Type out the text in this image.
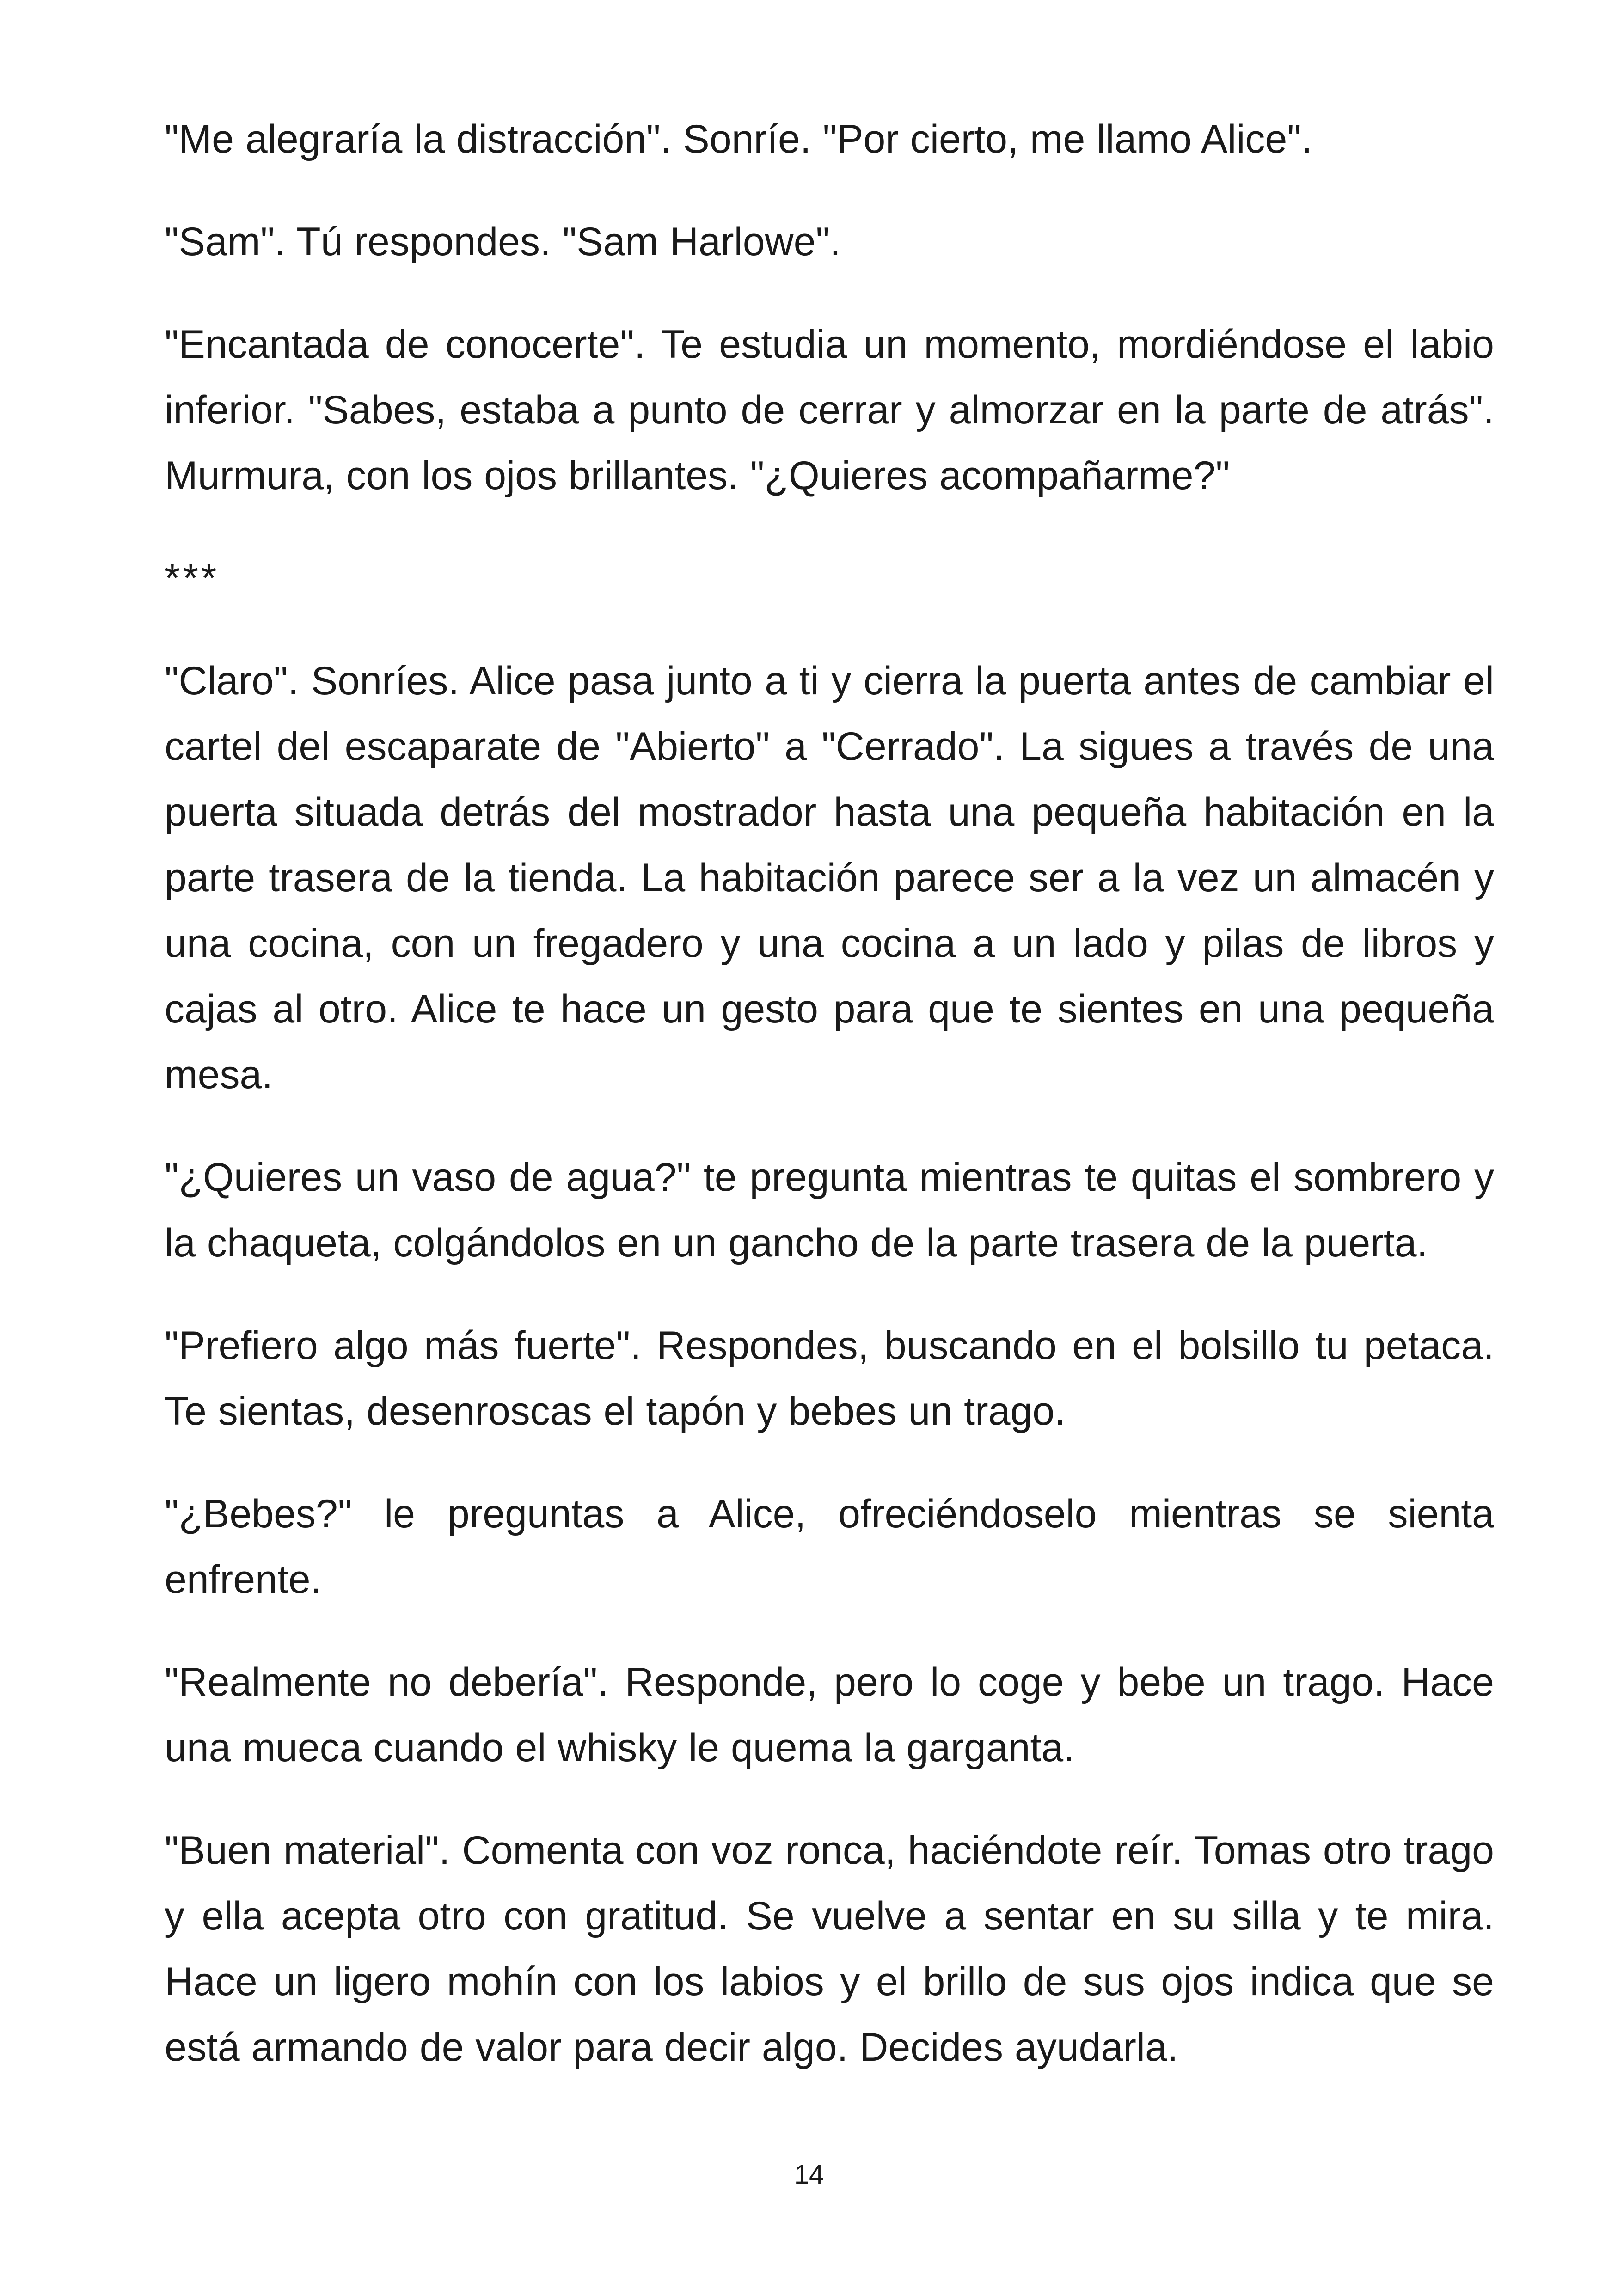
"Me alegraría la distracción". Sonríe. "Por cierto, me llamo Alice".

"Sam". Tú respondes. "Sam Harlowe".

"Encantada de conocerte". Te estudia un momento, mordiéndose el labio inferior. "Sabes, estaba a punto de cerrar y almorzar en la parte de atrás". Murmura, con los ojos brillantes. "¿Quieres acompañarme?"

***

"Claro". Sonríes. Alice pasa junto a ti y cierra la puerta antes de cambiar el cartel del escaparate de "Abierto" a "Cerrado". La sigues a través de una puerta situada detrás del mostrador hasta una pequeña habitación en la parte trasera de la tienda. La habitación parece ser a la vez un almacén y una cocina, con un fregadero y una cocina a un lado y pilas de libros y cajas al otro. Alice te hace un gesto para que te sientes en una pequeña mesa.

"¿Quieres un vaso de agua?" te pregunta mientras te quitas el sombrero y la chaqueta, colgándolos en un gancho de la parte trasera de la puerta.

"Prefiero algo más fuerte". Respondes, buscando en el bolsillo tu petaca. Te sientas, desenroscas el tapón y bebes un trago.

"¿Bebes?" le preguntas a Alice, ofreciéndoselo mientras se sienta enfrente.

"Realmente no debería". Responde, pero lo coge y bebe un trago. Hace una mueca cuando el whisky le quema la garganta.

"Buen material". Comenta con voz ronca, haciéndote reír. Tomas otro trago y ella acepta otro con gratitud. Se vuelve a sentar en su silla y te mira. Hace un ligero mohín con los labios y el brillo de sus ojos indica que se está armando de valor para decir algo. Decides ayudarla.

14
